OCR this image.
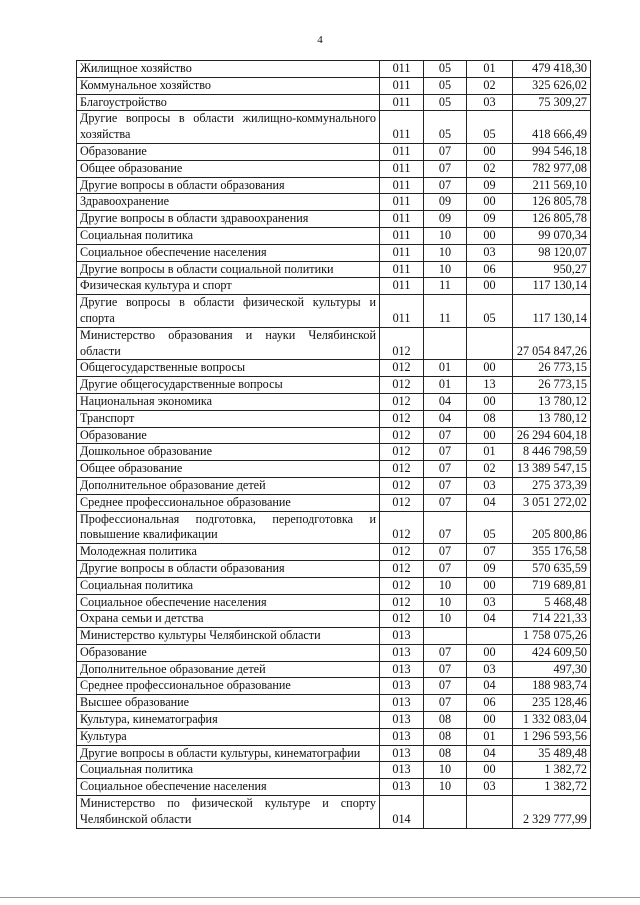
4
Жилищное хозяйство	011	05	01	479 418,30
Коммунальное хозяйство	011	05	02	325 626,02
Благоустройство	011	05	03	75 309,27
Другие вопросы в области жилищно-коммунального хозяйства	011	05	05	418 666,49
Образование	011	07	00	994 546,18
Общее образование	011	07	02	782 977,08
Другие вопросы в области образования	011	07	09	211 569,10
Здравоохранение	011	09	00	126 805,78
Другие вопросы в области здравоохранения	011	09	09	126 805,78
Социальная политика	011	10	00	99 070,34
Социальное обеспечение населения	011	10	03	98 120,07
Другие вопросы в области социальной политики	011	10	06	950,27
Физическая культура и спорт	011	11	00	117 130,14
Другие вопросы в области физической культуры и спорта	011	11	05	117 130,14
Министерство образования и науки Челябинской области	012			27 054 847,26
Общегосударственные вопросы	012	01	00	26 773,15
Другие общегосударственные вопросы	012	01	13	26 773,15
Национальная экономика	012	04	00	13 780,12
Транспорт	012	04	08	13 780,12
Образование	012	07	00	26 294 604,18
Дошкольное образование	012	07	01	8 446 798,59
Общее образование	012	07	02	13 389 547,15
Дополнительное образование детей	012	07	03	275 373,39
Среднее профессиональное образование	012	07	04	3 051 272,02
Профессиональная подготовка, переподготовка и повышение квалификации	012	07	05	205 800,86
Молодежная политика	012	07	07	355 176,58
Другие вопросы в области образования	012	07	09	570 635,59
Социальная политика	012	10	00	719 689,81
Социальное обеспечение населения	012	10	03	5 468,48
Охрана семьи и детства	012	10	04	714 221,33
Министерство культуры Челябинской области	013			1 758 075,26
Образование	013	07	00	424 609,50
Дополнительное образование детей	013	07	03	497,30
Среднее профессиональное образование	013	07	04	188 983,74
Высшее образование	013	07	06	235 128,46
Культура, кинематография	013	08	00	1 332 083,04
Культура	013	08	01	1 296 593,56
Другие вопросы в области культуры, кинематографии	013	08	04	35 489,48
Социальная политика	013	10	00	1 382,72
Социальное обеспечение населения	013	10	03	1 382,72
Министерство по физической культуре и спорту Челябинской области	014			2 329 777,99
